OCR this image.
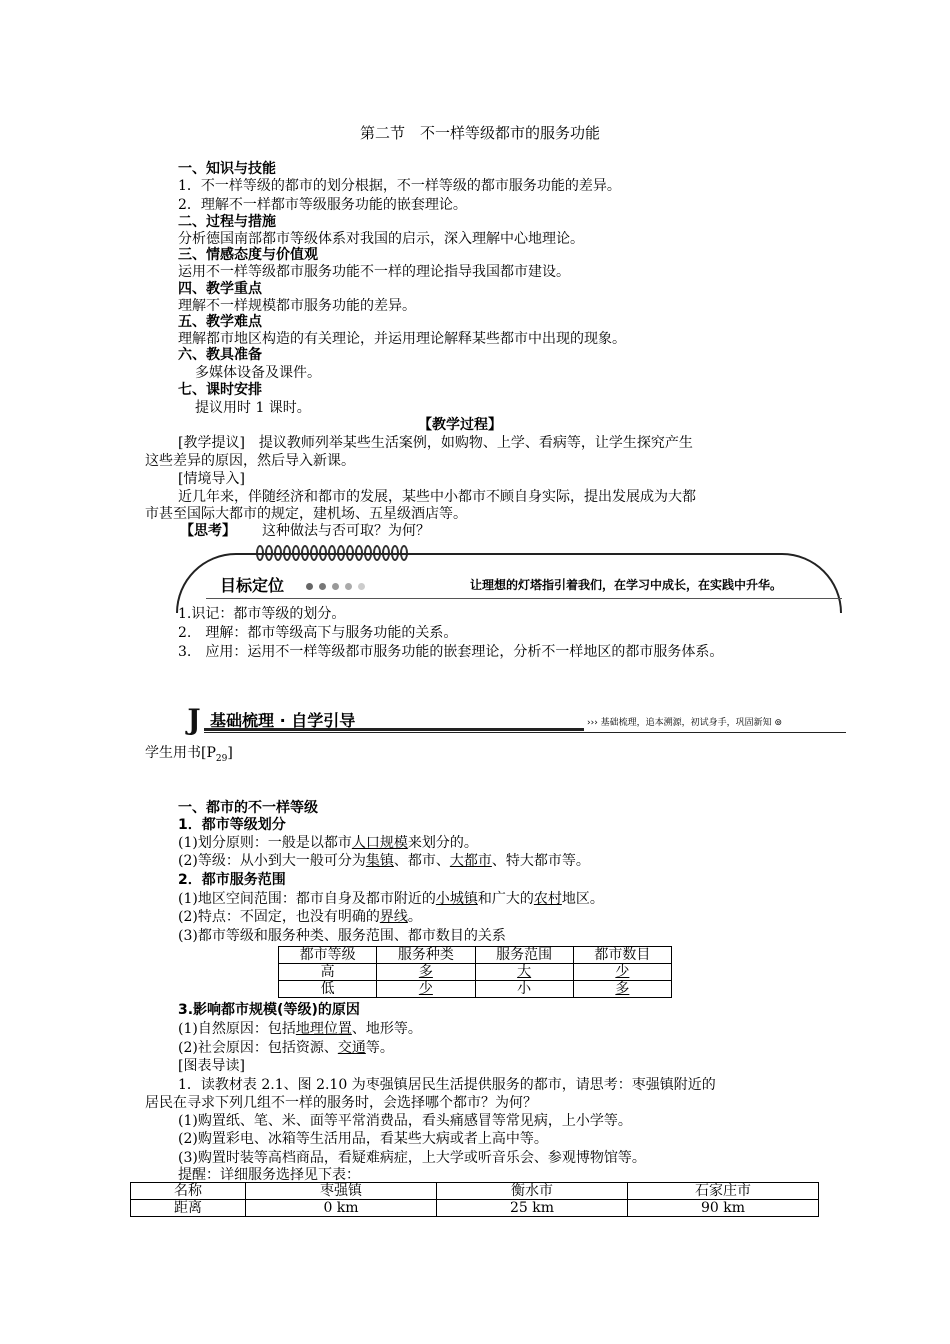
第二节　不一样等级都市的服务功能
一、知识与技能
1．不一样等级的都市的划分根据，不一样等级的都市服务功能的差异。
2．理解不一样都市等级服务功能的嵌套理论。
二、过程与措施
分析德国南部都市等级体系对我国的启示，深入理解中心地理论。
三、情感态度与价值观
运用不一样等级都市服务功能不一样的理论指导我国都市建设。
四、教学重点
理解不一样规模都市服务功能的差异。
五、教学难点
理解都市地区构造的有关理论，并运用理论解释某些都市中出现的现象。
六、教具准备
多媒体设备及课件。
七、课时安排
提议用时 1 课时。
【教学过程】
[教学提议]　提议教师列举某些生活案例，如购物、上学、看病等，让学生探究产生
这些差异的原因，然后导入新课。
[情境导入]
近几年来，伴随经济和都市的发展，某些中小都市不顾自身实际，提出发展成为大都
市甚至国际大都市的规定，建机场、五星级酒店等。
【思考】 这种做法与否可取？为何？
目标定位	让理想的灯塔指引着我们，在学习中成长，在实践中升华。
1.识记：都市等级的划分。
2.　理解：都市等级高下与服务功能的关系。
3.　应用：运用不一样等级都市服务功能的嵌套理论，分析不一样地区的都市服务体系。
J 基础梳理 · 自学引导	››› 基础梳理，追本溯源，初试身手，巩固新知 ⊚
学生用书$[P_{29}]$
一、都市的不一样等级
1．都市等级划分
(1)划分原则：一般是以都市人口规模来划分的。
(2)等级：从小到大一般可分为集镇、都市、大都市、特大都市等。
2．都市服务范围
(1)地区空间范围：都市自身及都市附近的小城镇和广大的农村地区。
(2)特点：不固定，也没有明确的界线。
(3)都市等级和服务种类、服务范围、都市数目的关系
都市等级	服务种类	服务范围	都市数目
高	多	大	少
低	少	小	多
3.影响都市规模(等级)的原因
(1)自然原因：包括地理位置、地形等。
(2)社会原因：包括资源、交通等。
[图表导读]
1．读教材表 2.1、图 2.10 为枣强镇居民生活提供服务的都市，请思考：枣强镇附近的
居民在寻求下列几组不一样的服务时，会选择哪个都市？为何？
(1)购置纸、笔、米、面等平常消费品，看头痛感冒等常见病，上小学等。
(2)购置彩电、冰箱等生活用品，看某些大病或者上高中等。
(3)购置时装等高档商品，看疑难病症，上大学或听音乐会、参观博物馆等。
提醒：详细服务选择见下表：
名称	枣强镇	衡水市	石家庄市
距离	0 km	25 km	90 km
